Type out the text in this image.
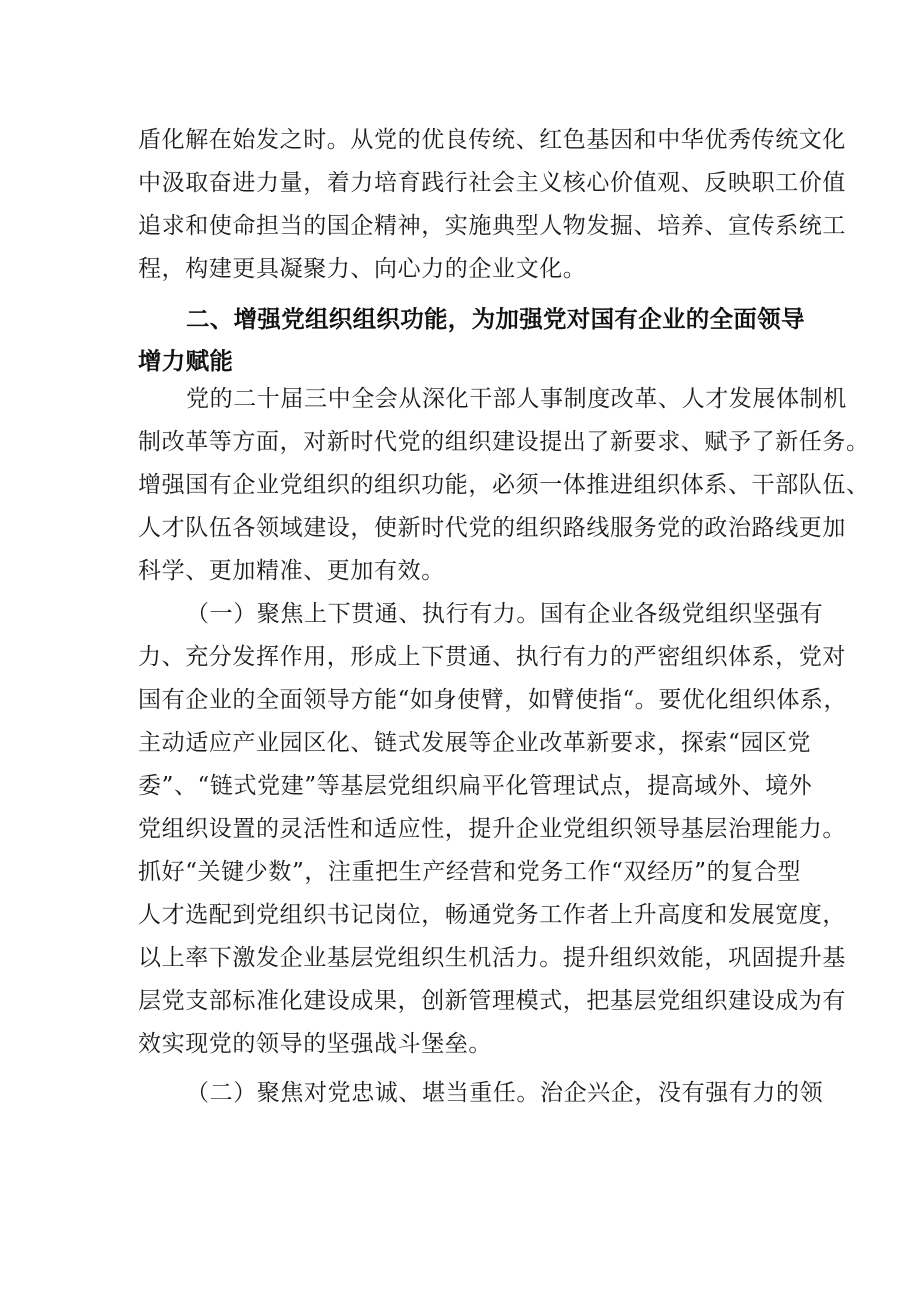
盾化解在始发之时。从党的优良传统、红色基因和中华优秀传统文化

中汲取奋进力量，着力培育践行社会主义核心价值观、反映职工价值

追求和使命担当的国企精神，实施典型人物发掘、培养、宣传系统工

程，构建更具凝聚力、向心力的企业文化。

二、增强党组织组织功能，为加强党对国有企业的全面领导

增力赋能

党的二十届三中全会从深化干部人事制度改革、人才发展体制机

制改革等方面，对新时代党的组织建设提出了新要求、赋予了新任务。

增强国有企业党组织的组织功能，必须一体推进组织体系、干部队伍、

人才队伍各领域建设，使新时代党的组织路线服务党的政治路线更加

科学、更加精准、更加有效。

（一）聚焦上下贯通、执行有力。国有企业各级党组织坚强有

力、充分发挥作用，形成上下贯通、执行有力的严密组织体系，党对

国有企业的全面领导方能“如身使臂，如臂使指“。要优化组织体系，

主动适应产业园区化、链式发展等企业改革新要求，探索“园区党

委”、“链式党建”等基层党组织扁平化管理试点，提高域外、境外

党组织设置的灵活性和适应性，提升企业党组织领导基层治理能力。

抓好“关键少数”，注重把生产经营和党务工作“双经历”的复合型

人才选配到党组织书记岗位，畅通党务工作者上升高度和发展宽度，

以上率下激发企业基层党组织生机活力。提升组织效能，巩固提升基

层党支部标准化建设成果，创新管理模式，把基层党组织建设成为有

效实现党的领导的坚强战斗堡垒。

（二）聚焦对党忠诚、堪当重任。治企兴企，没有强有力的领
